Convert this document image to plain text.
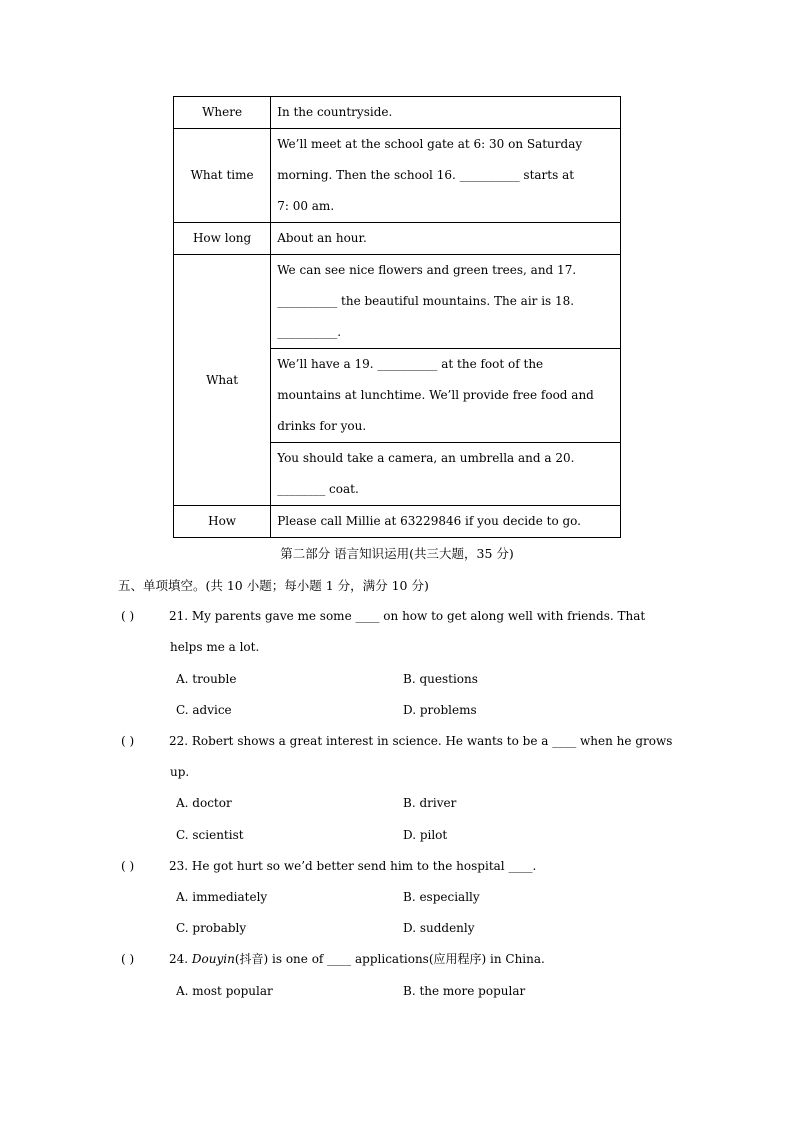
Where	In the countryside.
What time	We’ll meet at the school gate at 6: 30 on Saturday

morning. Then the school 16. __________ starts at

7: 00 am.

How long	About an hour.
What	We can see nice flowers and green trees, and 17.

__________ the beautiful mountains. The air is 18.

__________.

	We’ll have a 19. __________ at the foot of the

mountains at lunchtime. We’ll provide free food and

drinks for you.

	You should take a camera, an umbrella and a 20.

________ coat.

How	Please call Millie at 63229846 if you decide to go.
第二部分 语言知识运用(共三大题，35 分)
五、单项填空。(共 10 小题；每小题 1 分，满分 10 分)
( )	21. My parents gave me some ____ on how to get along well with friends. That
helps me a lot.
A. trouble	B. questions
C. advice	D. problems
( )	22. Robert shows a great interest in science. He wants to be a ____ when he grows
up.
A. doctor	B. driver
C. scientist	D. pilot
( )	23. He got hurt so we’d better send him to the hospital ____.
A. immediately	B. especially
C. probably	D. suddenly
( )	24. Douyin(抖音) is one of ____ applications(应用程序) in China.
A. most popular	B. the more popular
